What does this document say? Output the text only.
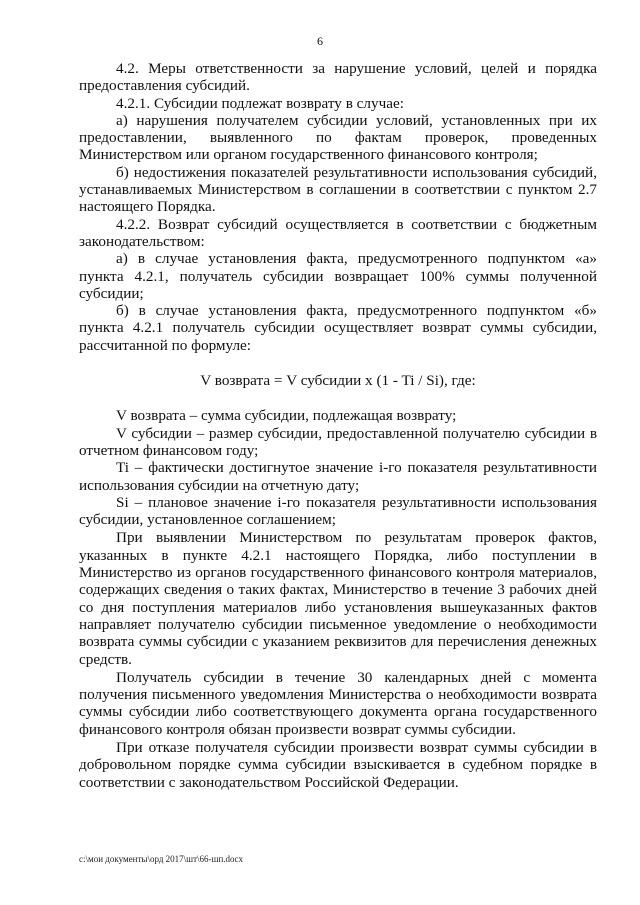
6

4.2. Меры ответственности за нарушение условий, целей и порядка предоставления субсидий.

4.2.1. Субсидии подлежат возврату в случае:

а) нарушения получателем субсидии условий, установленных при их предоставлении, выявленного по фактам проверок, проведенных Министерством или органом государственного финансового контроля;

б) недостижения показателей результативности использования субсидий, устанавливаемых Министерством в соглашении в соответствии с пунктом 2.7 настоящего Порядка.

4.2.2. Возврат субсидий осуществляется в соответствии с бюджетным законодательством:

а) в случае установления факта, предусмотренного подпунктом «а» пункта 4.2.1, получатель субсидии возвращает 100% суммы полученной субсидии;

б) в случае установления факта, предусмотренного подпунктом «б» пункта 4.2.1 получатель субсидии осуществляет возврат суммы субсидии, рассчитанной по формуле:

V возврата = V субсидии x (1 - Ti / Si), где:

V возврата – сумма субсидии, подлежащая возврату;

V субсидии – размер субсидии, предоставленной получателю субсидии в отчетном финансовом году;

Ti – фактически достигнутое значение i-го показателя результативности использования субсидии на отчетную дату;

Si – плановое значение i-го показателя результативности использования субсидии, установленное соглашением;

При выявлении Министерством по результатам проверок фактов, указанных в пункте 4.2.1 настоящего Порядка, либо поступлении в Министерство из органов государственного финансового контроля материалов, содержащих сведения о таких фактах, Министерство в течение 3 рабочих дней со дня поступления материалов либо установления вышеуказанных фактов направляет получателю субсидии письменное уведомление о необходимости возврата суммы субсидии с указанием реквизитов для перечисления денежных средств.

Получатель субсидии в течение 30 календарных дней с момента получения письменного уведомления Министерства о необходимости возврата суммы субсидии либо соответствующего документа органа государственного финансового контроля обязан произвести возврат суммы субсидии.

При отказе получателя субсидии произвести возврат суммы субсидии в добровольном порядке сумма субсидии взыскивается в судебном порядке в соответствии с законодательством Российской Федерации.

c:\мои документы\орд 2017\шт\66-шп.docx
